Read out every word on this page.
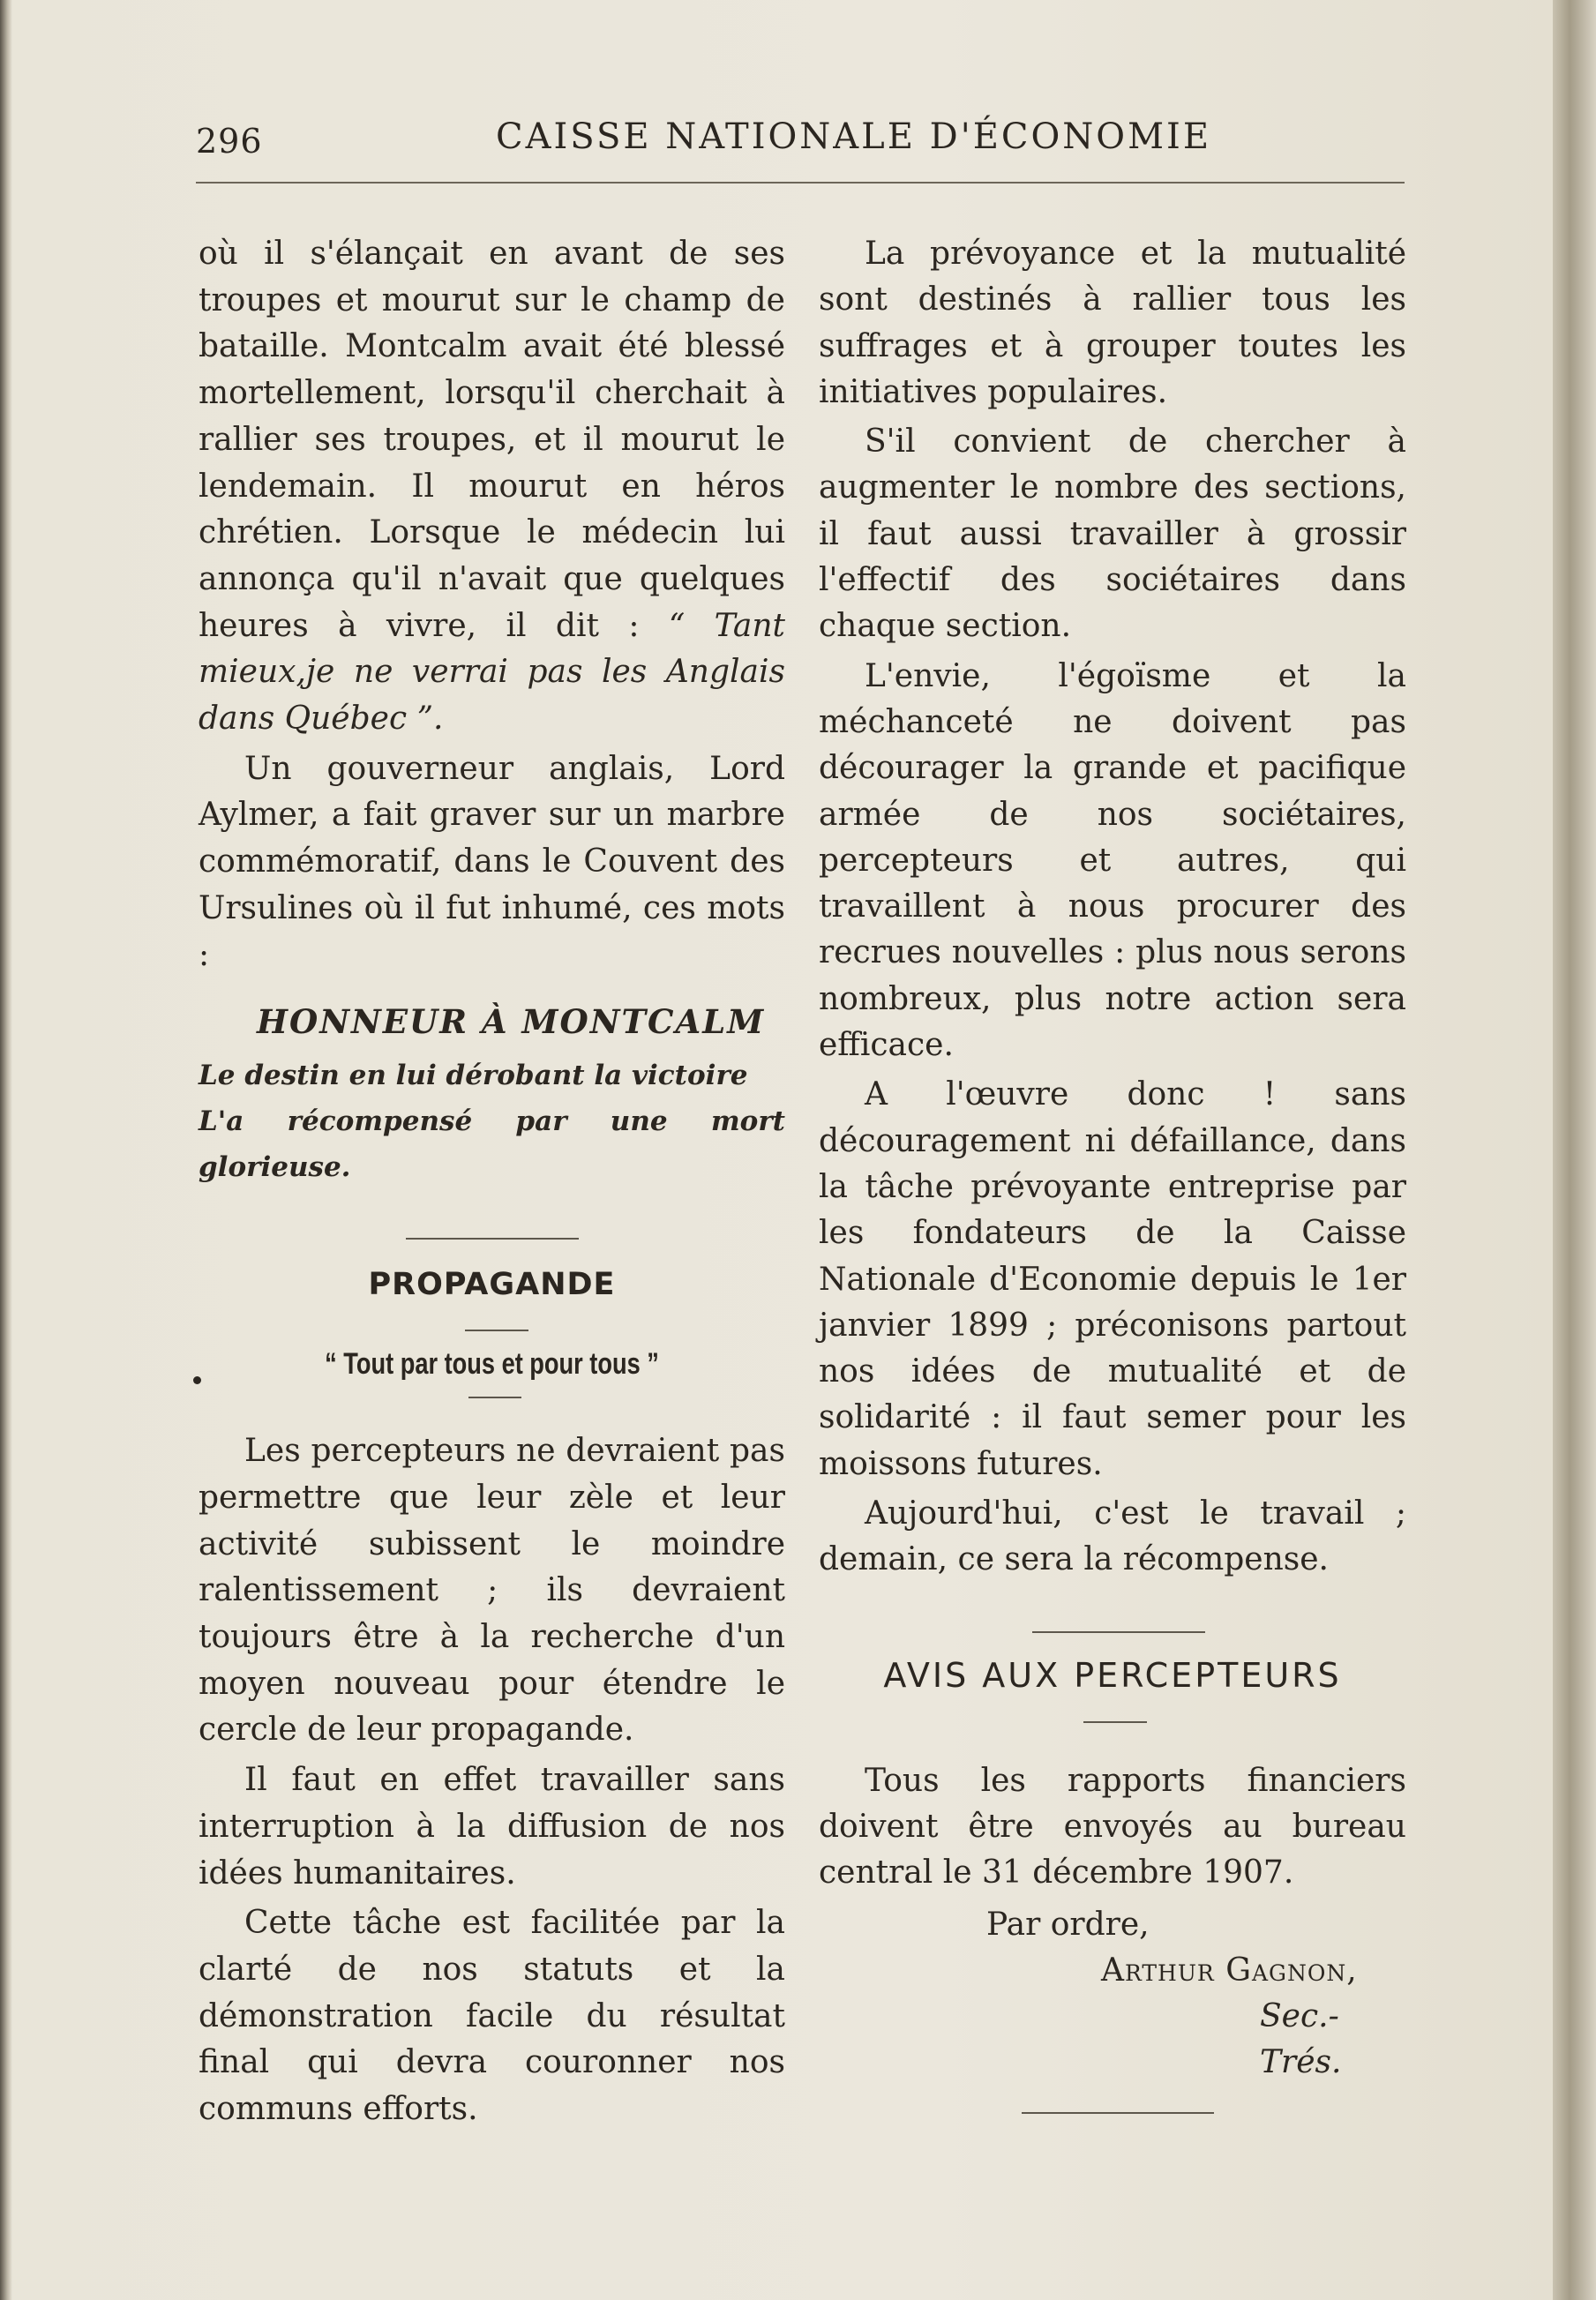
296	CAISSE NATIONALE D'ÉCONOMIE

où il s'élançait en avant de ses troupes et mourut sur le champ de bataille. Montcalm avait été blessé mortellement, lorsqu'il cherchait à rallier ses troupes, et il mourut le lendemain. Il mourut en héros chrétien. Lorsque le médecin lui annonça qu'il n'avait que quelques heures à vivre, il dit : “ Tant mieux,je ne verrai pas les Anglais dans Québec ”.

Un gouverneur anglais, Lord Aylmer, a fait graver sur un marbre commémoratif, dans le Couvent des Ursulines où il fut inhumé, ces mots :

HONNEUR À MONTCALM

Le destin en lui dérobant la victoire

L'a récompensé par une mort glorieuse.

PROPAGANDE
“ Tout par tous et pour tous ”

Les percepteurs ne devraient pas permettre que leur zèle et leur activité subissent le moindre ralentissement ; ils devraient toujours être à la recherche d'un moyen nouveau pour étendre le cercle de leur propagande.

Il faut en effet travailler sans interruption à la diffusion de nos idées humanitaires.

Cette tâche est facilitée par la clarté de nos statuts et la démonstration facile du résultat final qui devra couronner nos communs efforts.

La prévoyance et la mutualité sont destinés à rallier tous les suffrages et à grouper toutes les initiatives populaires.

S'il convient de chercher à augmenter le nombre des sections, il faut aussi travailler à grossir l'effectif des sociétaires dans chaque section.

L'envie, l'égoïsme et la méchanceté ne doivent pas décourager la grande et pacifique armée de nos sociétaires, percepteurs et autres, qui travaillent à nous procurer des recrues nouvelles : plus nous serons nombreux, plus notre action sera efficace.

A l'œuvre donc ! sans découragement ni défaillance, dans la tâche prévoyante entreprise par les fondateurs de la Caisse Nationale d'Economie depuis le 1er janvier 1899 ; préconisons partout nos idées de mutualité et de solidarité : il faut semer pour les moissons futures.

Aujourd'hui, c'est le travail ; demain, ce sera la récompense.

AVIS AUX PERCEPTEURS

Tous les rapports financiers doivent être envoyés au bureau central le 31 décembre 1907.

Par ordre,
Arthur Gagnon,
Sec.-Trés.
